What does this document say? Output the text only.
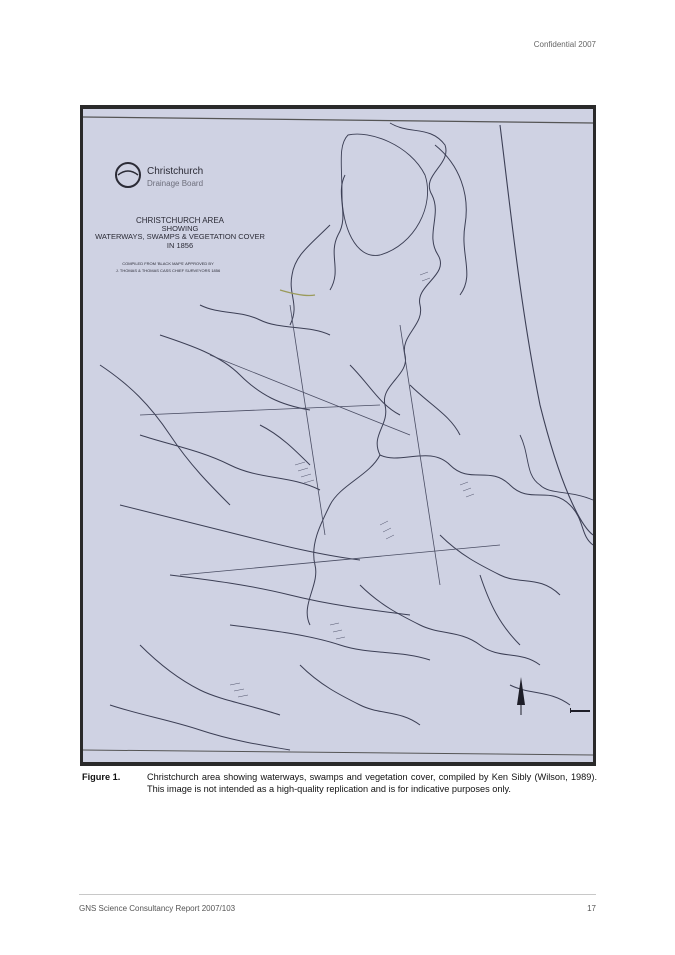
Confidential 2007
Christchurch
Drainage Board
CHRISTCHURCH AREA
SHOWING
WATERWAYS, SWAMPS & VEGETATION COVER
IN 1856
COMPILED FROM 'BLACK MAPS' APPROVED BY
J. THOMAS & THOMAS CASS CHIEF SURVEYORS 1856
Figure 1.	Christchurch area showing waterways, swamps and vegetation cover, compiled by Ken Sibly (Wilson, 1989). This image is not intended as a high-quality replication and is for indicative purposes only.
GNS Science Consultancy Report 2007/103	17
